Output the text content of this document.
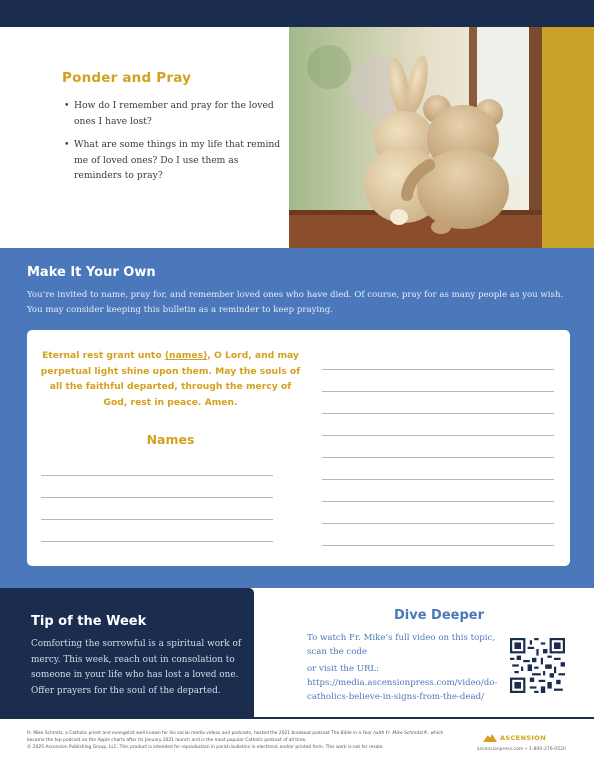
Ponder and Pray
• How do I remember and pray for the loved ones I have lost?
• What are some things in my life that remind me of loved ones? Do I use them as reminders to pray?
Make It Your Own

You’re invited to name, pray for, and remember loved ones who have died. Of course, pray for as many people as you wish. You may consider keeping this bulletin as a reminder to keep praying.

Eternal rest grant unto (names), O Lord, and may perpetual light shine upon them. May the souls of all the faithful departed, through the mercy of God, rest in peace. Amen.

Names
Tip of the Week

Comforting the sorrowful is a spiritual work of mercy. This week, reach out in consolation to someone in your life who has lost a loved one. Offer prayers for the soul of the departed.

Dive Deeper

To watch Fr. Mike’s full video on this topic, scan the code

or visit the URL: https://media.ascensionpress.com/video/do-catholics-believe-in-signs-from-the-dead/

Fr. Mike Schmitz, a Catholic priest and evangelist well known for his social media videos and podcasts, hosted the 2021 breakout podcast The Bible in a Year (with Fr. Mike Schmitz)®, which became the top podcast on the Apple charts after its January 2021 launch and is the most popular Catholic podcast of all time.
© 2025 Ascension Publishing Group, LLC. This product is intended for reproduction in parish bulletins in electronic and/or printed form. This work is not for resale.
ASCENSION
ascensionpress.com • 1-800-376-0520
